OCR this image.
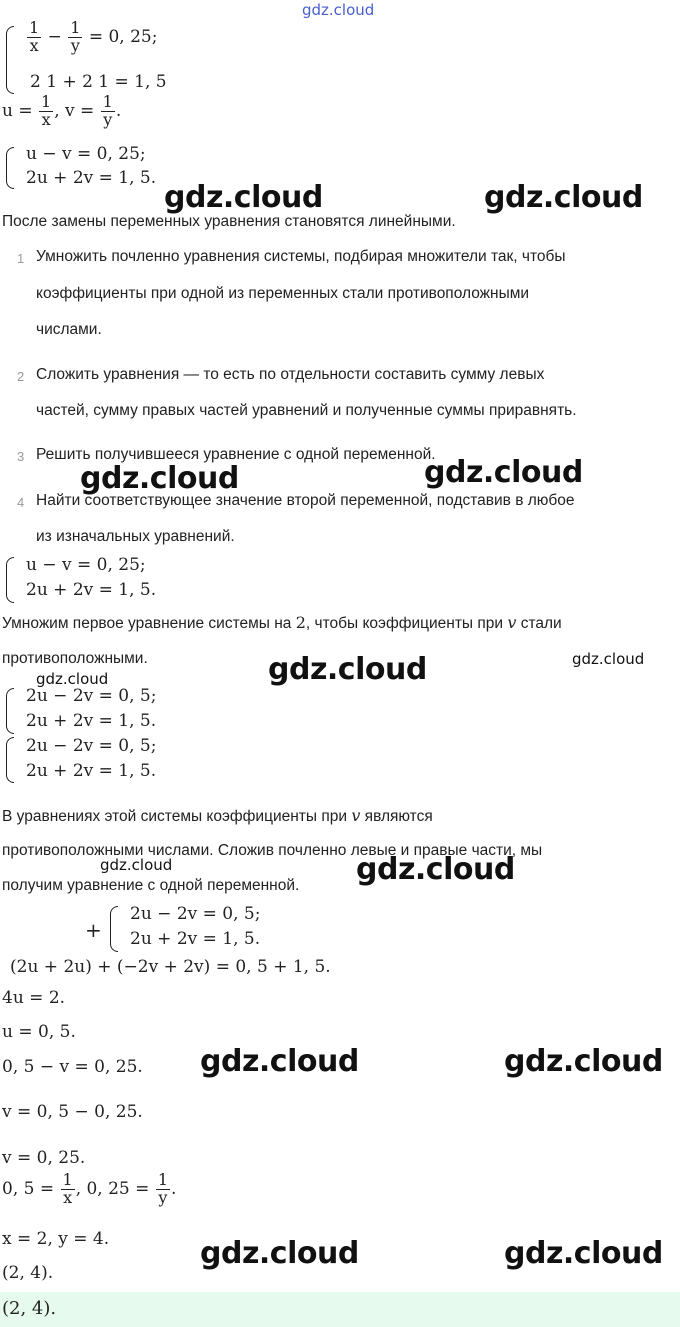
gdz.cloud
$\frac{1}{x} - \frac{1}{y} = 0$, 25;
2 1 + 2 1 = 1, 5
$u = \frac{1}{x}$ , $v = \frac{1}{y}$ .
u − v = 0, 25;
2u + 2v = 1, 5.
gdz.cloud	gdz.cloud
После замены переменных уравнения становятся линейными.
1 Умножить почленно уравнения системы, подбирая множители так, чтобы
коэффициенты при одной из переменных стали противоположными
числами.
2 Сложить уравнения — то есть по отдельности составить сумму левых
частей, сумму правых частей уравнений и полученные суммы приравнять.
3 Решить получившееся уравнение с одной переменной.
gdz.cloud	gdz.cloud
4 Найти соответствующее значение второй переменной, подставив в любое
из изначальных уравнений.
u − v = 0, 25;
2u + 2v = 1, 5.
Умножим первое уравнение системы на 2, чтобы коэффициенты при v стали
противоположными.	gdz.cloud	gdz.cloud
gdz.cloud
2u − 2v = 0, 5;
2u + 2v = 1, 5.
2u − 2v = 0, 5;
2u + 2v = 1, 5.
В уравнениях этой системы коэффициенты при v являются
противоположными числами. Сложив почленно левые и правые части, мы
gdz.cloud
получим уравнение с одной переменной. gdz.cloud
+
2u − 2v = 0, 5;
2u + 2v = 1, 5.
(2u + 2u) + (−2v + 2v) = 0, 5 + 1, 5.
4u = 2.
u = 0, 5.
0, 5 − v = 0, 25. gdz.cloud	gdz.cloud
v = 0, 5 − 0, 25.
v = 0, 25.
0, $5 = \frac{1}{x}$ , 0, $25 = \frac{1}{y}$ .
x = 2, y = 4.	gdz.cloud	gdz.cloud
(2, 4).
(2, 4).
